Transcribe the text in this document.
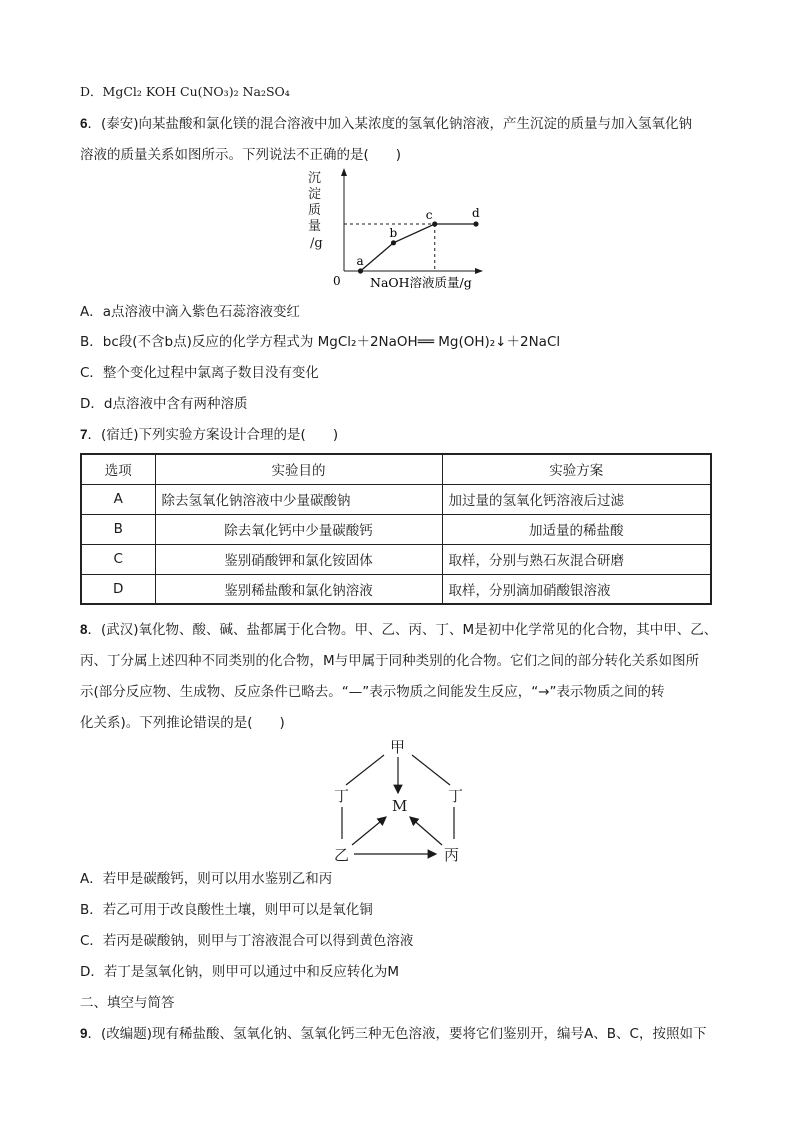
D．MgCl₂ KOH Cu(NO₃)₂ Na₂SO₄
6．(泰安)向某盐酸和氯化镁的混合溶液中加入某浓度的氢氧化钠溶液，产生沉淀的质量与加入氢氧化钠
溶液的质量关系如图所示。下列说法不正确的是(　　)
沉
淀
质
量
/g
0 NaOH溶液质量/g
a
b
c	d
A．a点溶液中滴入紫色石蕊溶液变红
B．bc段(不含b点)反应的化学方程式为 MgCl₂＋2NaOH══ Mg(OH)₂↓＋2NaCl
C．整个变化过程中氯离子数目没有变化
D．d点溶液中含有两种溶质
7．(宿迁)下列实验方案设计合理的是(　　)
选项	实验目的	实验方案
A	除去氢氧化钠溶液中少量碳酸钠	加过量的氢氧化钙溶液后过滤
B	除去氧化钙中少量碳酸钙	加适量的稀盐酸
C	鉴别硝酸钾和氯化铵固体	取样，分别与熟石灰混合研磨
D	鉴别稀盐酸和氯化钠溶液	取样，分别滴加硝酸银溶液
8．(武汉)氧化物、酸、碱、盐都属于化合物。甲、乙、丙、丁、M是初中化学常见的化合物，其中甲、乙、
丙、丁分属上述四种不同类别的化合物，M与甲属于同种类别的化合物。它们之间的部分转化关系如图所
示(部分反应物、生成物、反应条件已略去。“—”表示物质之间能发生反应，“→”表示物质之间的转
化关系)。下列推论错误的是(　　)
甲
丁	丁
M
乙	丙
A．若甲是碳酸钙，则可以用水鉴别乙和丙
B．若乙可用于改良酸性土壤，则甲可以是氧化铜
C．若丙是碳酸钠，则甲与丁溶液混合可以得到黄色溶液
D．若丁是氢氧化钠，则甲可以通过中和反应转化为M
二、填空与简答
9．(改编题)现有稀盐酸、氢氧化钠、氢氧化钙三种无色溶液，要将它们鉴别开，编号A、B、C，按照如下
